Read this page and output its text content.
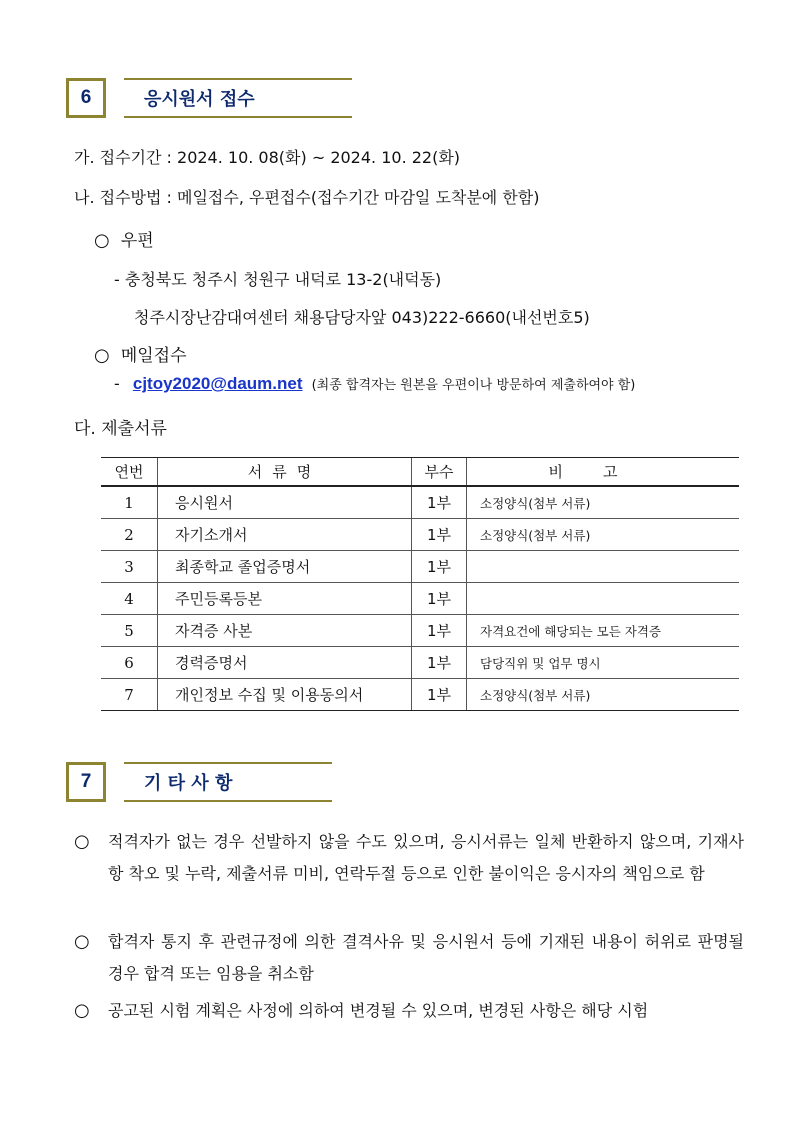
6	응시원서 접수
가. 접수기간 : 2024. 10. 08(화) ~ 2024. 10. 22(화)
나. 접수방법 : 메일접수, 우편접수(접수기간 마감일 도착분에 한함)
○ 우편
- 충청북도 청주시 청원구 내덕로 13-2(내덕동)
청주시장난감대여센터 채용담당자앞 043)222-6660(내선번호5)
○ 메일접수
- cjtoy2020@daum.net (최종 합격자는 원본을 우편이나 방문하여 제출하여야 함)
다. 제출서류
연번	서류명	부수	비고
1	응시원서	1부	소정양식(첨부 서류)
2	자기소개서	1부	소정양식(첨부 서류)
3	최종학교 졸업증명서	1부	
4	주민등록등본	1부	
5	자격증 사본	1부	자격요건에 해당되는 모든 자격증
6	경력증명서	1부	담당직위 및 업무 명시
7	개인정보 수집 및 이용동의서	1부	소정양식(첨부 서류)
7	기 타 사 항
○ 적격자가 없는 경우 선발하지 않을 수도 있으며, 응시서류는 일체 반환하지 않으며, 기재사항 착오 및 누락, 제출서류 미비, 연락두절 등으로 인한 불이익은 응시자의 책임으로 함
○ 합격자 통지 후 관련규정에 의한 결격사유 및 응시원서 등에 기재된 내용이 허위로 판명될 경우 합격 또는 임용을 취소함
○ 공고된 시험 계획은 사정에 의하여 변경될 수 있으며, 변경된 사항은 해당 시험
